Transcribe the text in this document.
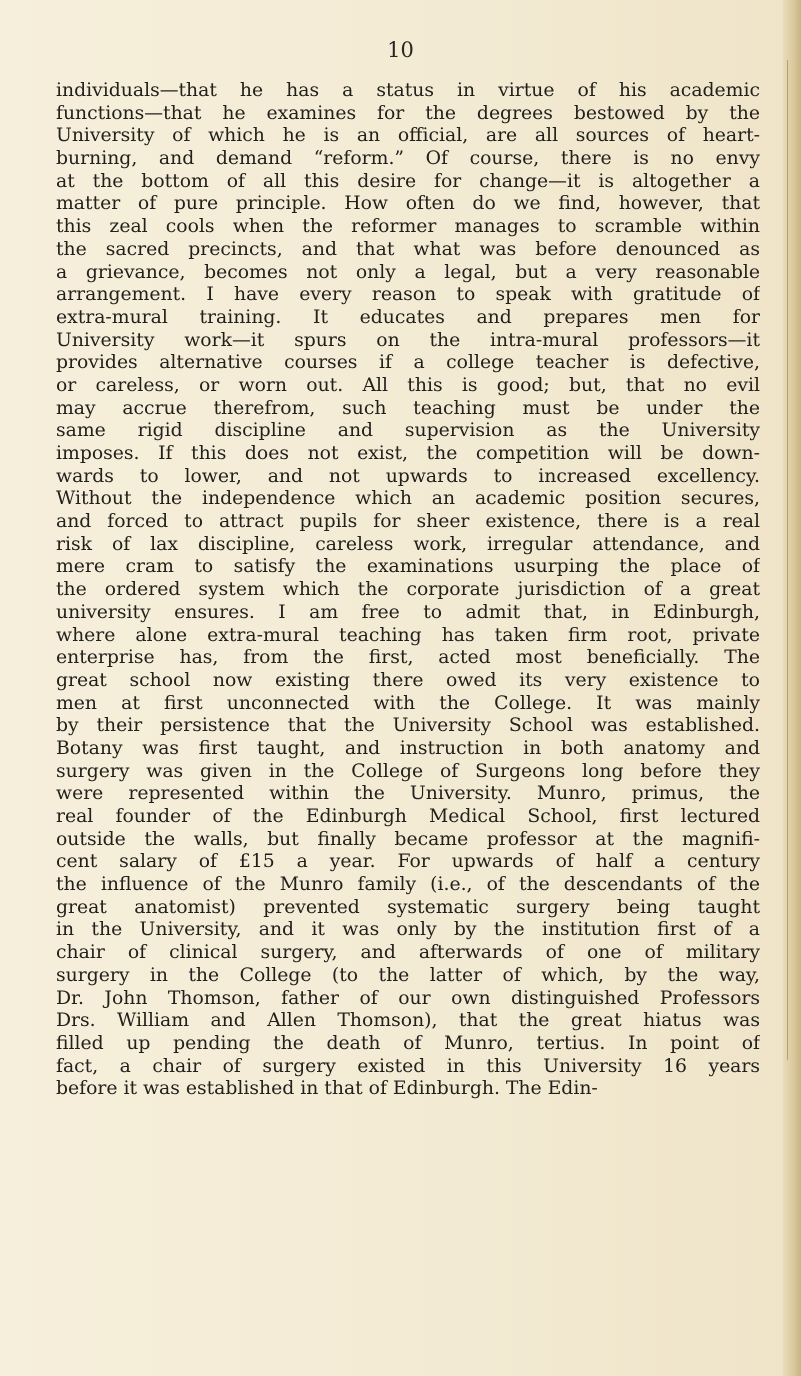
10
individuals—that he has a status in virtue of his academic
functions—that he examines for the degrees bestowed by the
University of which he is an official, are all sources of heart-
burning, and demand “reform.” Of course, there is no envy
at the bottom of all this desire for change—it is altogether a
matter of pure principle. How often do we find, however, that
this zeal cools when the reformer manages to scramble within
the sacred precincts, and that what was before denounced as
a grievance, becomes not only a legal, but a very reasonable
arrangement. I have every reason to speak with gratitude of
extra-mural training. It educates and prepares men for
University work—it spurs on the intra-mural professors—it
provides alternative courses if a college teacher is defective,
or careless, or worn out. All this is good; but, that no evil
may accrue therefrom, such teaching must be under the
same rigid discipline and supervision as the University
imposes. If this does not exist, the competition will be down-
wards to lower, and not upwards to increased excellency.
Without the independence which an academic position secures,
and forced to attract pupils for sheer existence, there is a real
risk of lax discipline, careless work, irregular attendance, and
mere cram to satisfy the examinations usurping the place of
the ordered system which the corporate jurisdiction of a great
university ensures. I am free to admit that, in Edinburgh,
where alone extra-mural teaching has taken firm root, private
enterprise has, from the first, acted most beneficially. The
great school now existing there owed its very existence to
men at first unconnected with the College. It was mainly
by their persistence that the University School was established.
Botany was first taught, and instruction in both anatomy and
surgery was given in the College of Surgeons long before they
were represented within the University. Munro, primus, the
real founder of the Edinburgh Medical School, first lectured
outside the walls, but finally became professor at the magnifi-
cent salary of £15 a year. For upwards of half a century
the influence of the Munro family (i.e., of the descendants of the
great anatomist) prevented systematic surgery being taught
in the University, and it was only by the institution first of a
chair of clinical surgery, and afterwards of one of military
surgery in the College (to the latter of which, by the way,
Dr. John Thomson, father of our own distinguished Professors
Drs. William and Allen Thomson), that the great hiatus was
filled up pending the death of Munro, tertius. In point of
fact, a chair of surgery existed in this University 16 years
before it was established in that of Edinburgh. The Edin-
